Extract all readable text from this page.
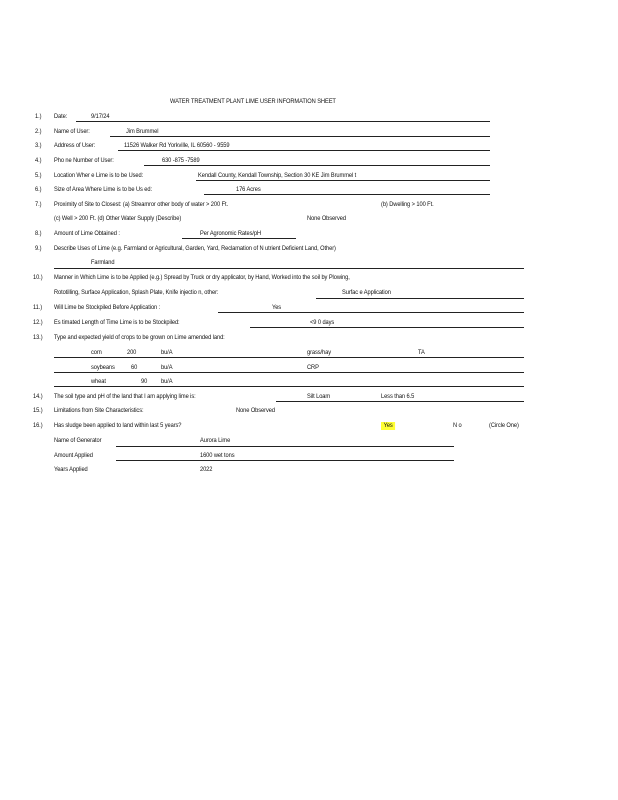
WATER TREATMENT PLANT LIME USER INFORMATION SHEET
1.) Date:	9/17/24
2.) Name of User:	Jim Brummel
3.) Address of User:	11526 Walker Rd Yorkville, IL 60560 - 9559
4.) Pho ne Number of User:	630 -875 -7589
5.) Location Wher e Lime is to be Used:	Kendall County, Kendall Township, Section 30 KE Jim Brummel t
6.) Size of Area Where Lime is to be Us ed:	176 Acres
7.) Proximity of Site to Closest: (a) Streamror other body of water > 200 Ft.	(b) Dwelling > 100 Ft.
(c) Well > 200 Ft. (d) Other Water Supply (Describe)	None Observed
8.) Amount of Lime Obtained :	Per Agronomic Rates/pH
9.) Describe Uses of Lime (e.g. Farmland or Agricultural, Garden, Yard, Reclamation of N utrient Deficient Land, Other)
Farmland
10.) Manner in Which Lime is to be Applied (e.g.) Spread by Truck or dry applicator, by Hand, Worked into the soil by Plowing,
Rototilling, Surface Application, Splash Plate, Knife injectio n, other:	Surfac e Application
11.) Will Lime be Stockpiled Before Application :	Yes
12.) Es timated Length of Time Lime is to be Stockpiled:	<9 0 days
13.) Type and expected yield of crops to be grown on Lime amended land:
corn	200	bu/A	grass/hay	TA
soybeans 60	bu/A	CRP
wheat	90 bu/A
14.) The soil type and pH of the land that I am applying lime is:	Silt Loam	Less than 6.5
15.) Limitations from Site Characteristics:	None Observed
16.) Has sludge been applied to land within last 5 years?	Yes	N o	(Circle One)
Name of Generator	Aurora Lime
Amount Applied	1600 wet tons
Years Applied	2022
